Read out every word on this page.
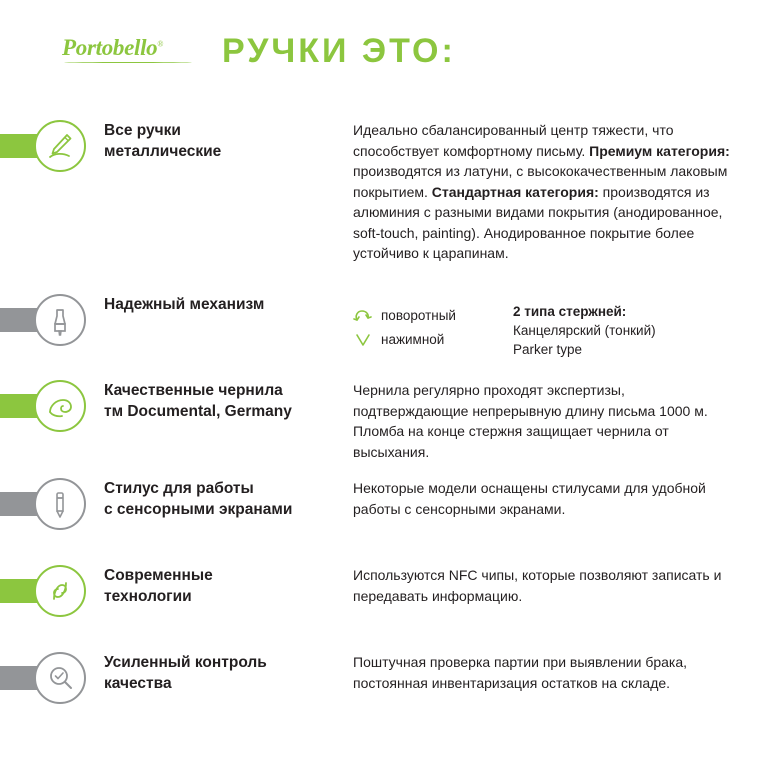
Portobello®	РУЧКИ ЭТО:
Все ручки
металлические
Идеально сбалансированный центр тяжести, что способствует комфортному письму. Премиум категория: производятся из латуни, с высококачественным лаковым покрытием. Стандартная категория: производятся из алюминия с разными видами покрытия (анодированное, soft-touch, painting). Анодированное покрытие более устойчиво к царапинам.
Надежный механизм
поворотный
нажимной
2 типа стержней:
Канцелярский (тонкий)
Parker type
Качественные чернила
тм Documental, Germany
Чернила регулярно проходят экспертизы, подтверждающие непрерывную длину письма 1000 м. Пломба на конце стержня защищает чернила от высыхания.
Стилус для работы
с сенсорными экранами
Некоторые модели оснащены стилусами для удобной работы с сенсорными экранами.
Современные
технологии
Используются NFC чипы, которые позволяют записать и передавать информацию.
Усиленный контроль
качества
Поштучная проверка партии при выявлении брака, постоянная инвентаризация остатков на складе.
